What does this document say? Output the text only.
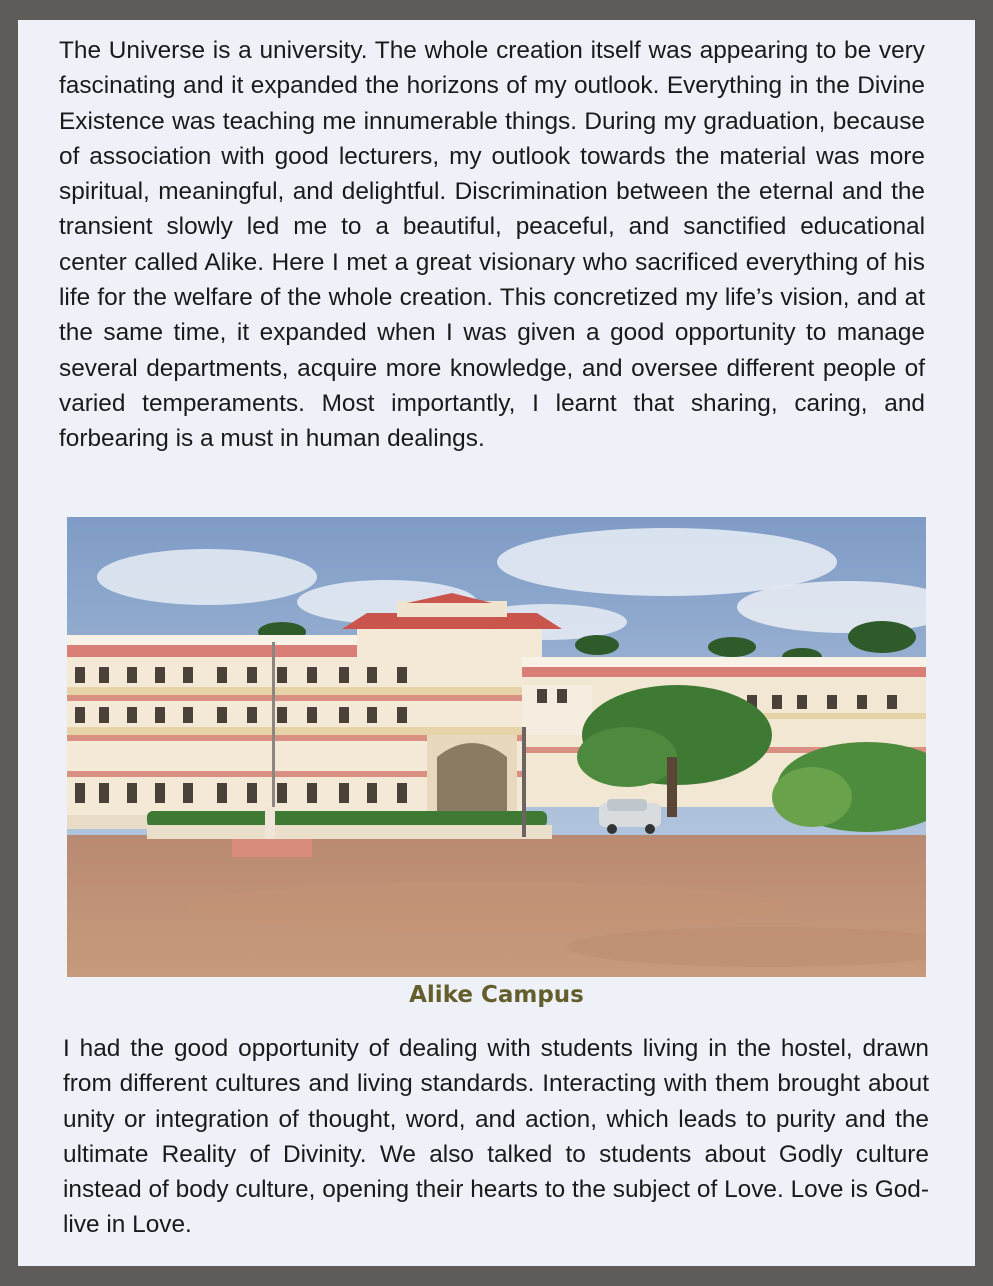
The Universe is a university. The whole creation itself was appearing to be very fascinating and it expanded the horizons of my outlook. Everything in the Divine Existence was teaching me innumerable things. During my graduation, because of association with good lecturers, my outlook towards the material was more spiritual, meaningful, and delightful. Discrimination between the eternal and the transient slowly led me to a beautiful, peaceful, and sanctified educational center called Alike. Here I met a great visionary who sacrificed everything of his life for the welfare of the whole creation. This concretized my life’s vision, and at the same time, it expanded when I was given a good opportunity to manage several departments, acquire more knowledge, and oversee different people of varied temperaments. Most importantly, I learnt that sharing, caring, and forbearing is a must in human dealings.

Alike Campus

I had the good opportunity of dealing with students living in the hostel, drawn from different cultures and living standards. Interacting with them brought about unity or integration of thought, word, and action, which leads to purity and the ultimate Reality of Divinity. We also talked to students about Godly culture instead of body culture, opening their hearts to the subject of Love. Love is God- live in Love.
